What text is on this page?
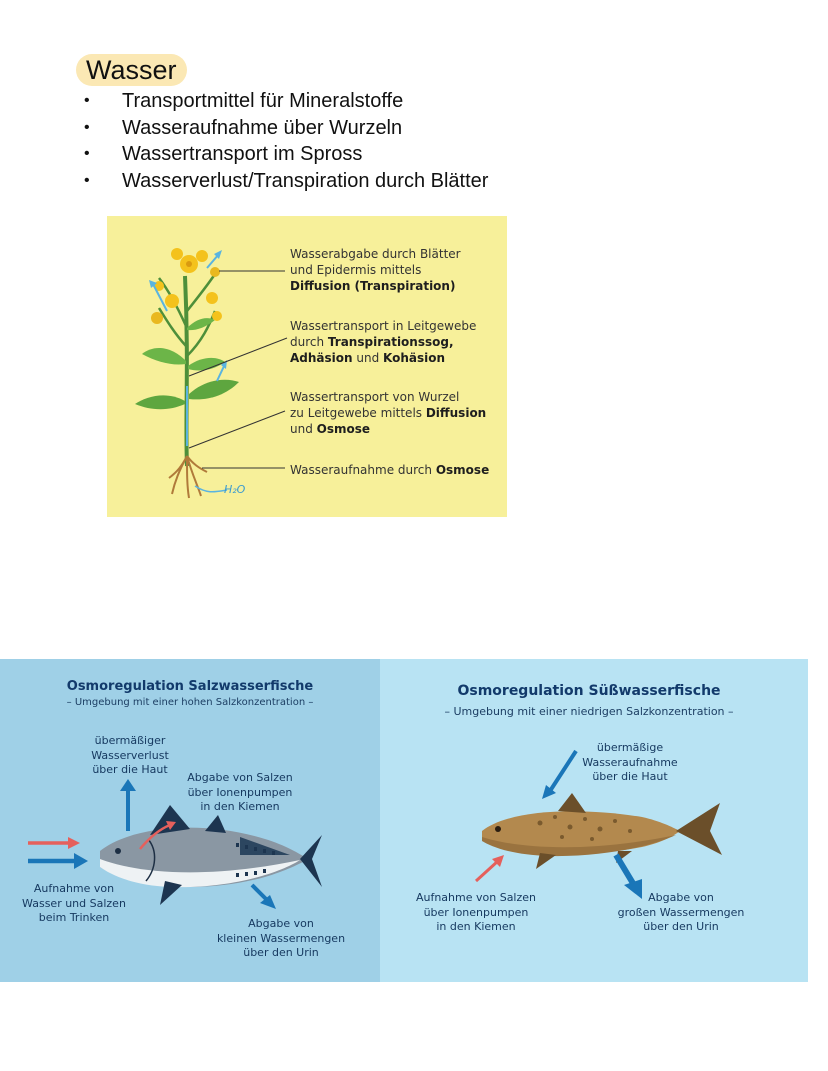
Wasser
•	Transportmittel für Mineralstoffe
•	Wasseraufnahme über Wurzeln
•	Wassertransport im Spross
•	Wasserverlust/Transpiration durch Blätter
Wasserabgabe durch Blätter
und Epidermis mittels
Diffusion (Transpiration)
Wassertransport in Leitgewebe
durch Transpirationssog,
Adhäsion und Kohäsion
Wassertransport von Wurzel
zu Leitgewebe mittels Diffusion
und Osmose
Wasseraufnahme durch Osmose
H₂O
Osmoregulation Salzwasserfische
– Umgebung mit einer hohen Salzkonzentration –
übermäßiger
Wasserverlust
über die Haut
Abgabe von Salzen
über Ionenpumpen
in den Kiemen
Aufnahme von
Wasser und Salzen
beim Trinken	Abgabe von
kleinen Wassermengen
über den Urin
Osmoregulation Süßwasserfische
– Umgebung mit einer niedrigen Salzkonzentration –
übermäßige
Wasseraufnahme
über die Haut
Aufnahme von Salzen
über Ionenpumpen
in den Kiemen
Abgabe von
großen Wassermengen
über den Urin
